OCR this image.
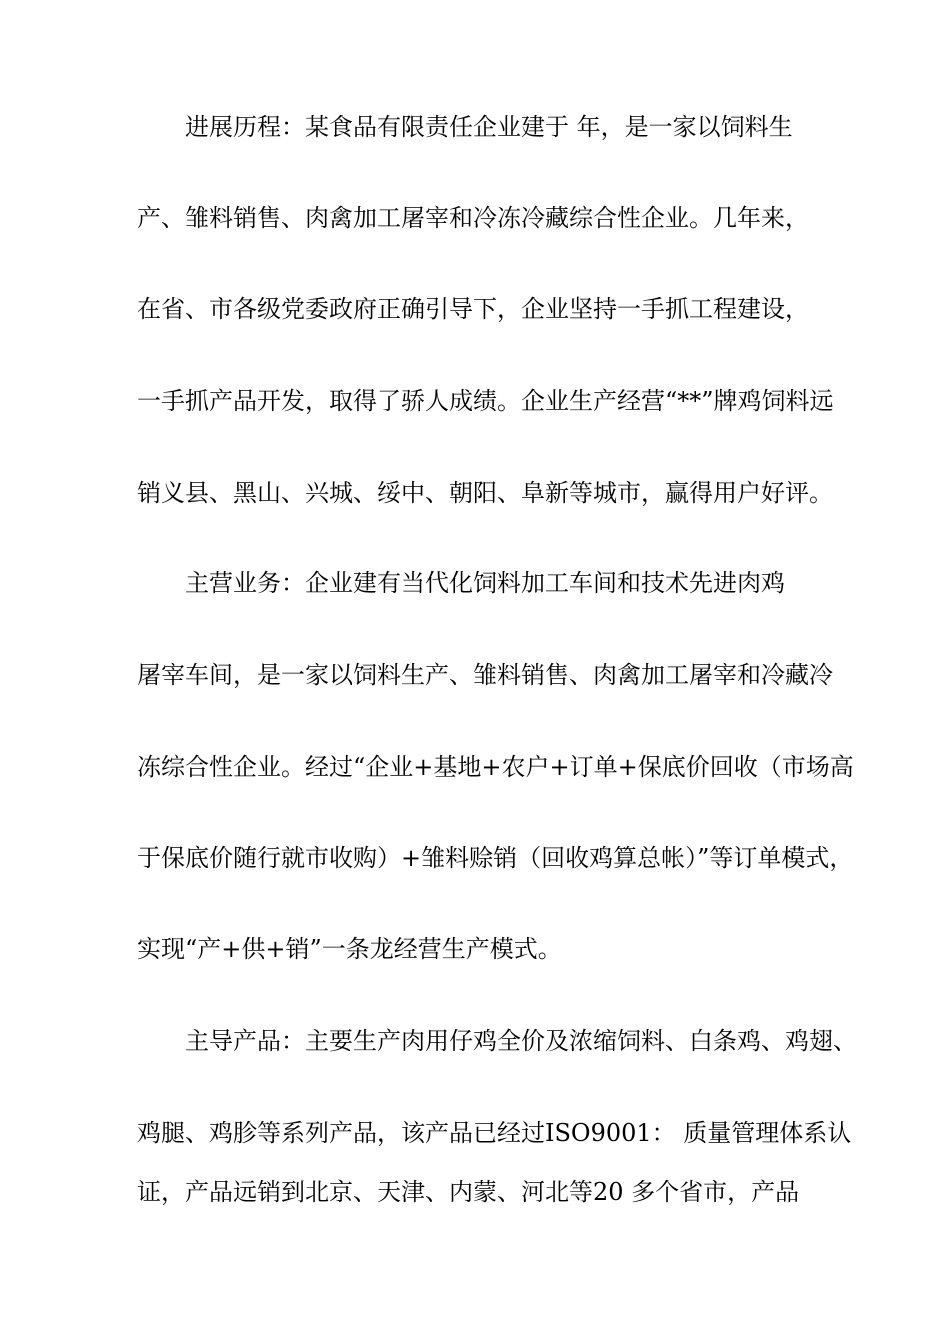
进展历程：某食品有限责任企业建于 年，是一家以饲料生
产、雏料销售、肉禽加工屠宰和冷冻冷藏综合性企业。几年来，
在省、市各级党委政府正确引导下，企业坚持一手抓工程建设，
一手抓产品开发，取得了骄人成绩。企业生产经营“**”牌鸡饲料远
销义县、黑山、兴城、绥中、朝阳、阜新等城市，赢得用户好评。
主营业务：企业建有当代化饲料加工车间和技术先进肉鸡
屠宰车间，是一家以饲料生产、雏料销售、肉禽加工屠宰和冷藏冷
冻综合性企业。经过“企业+基地+农户+订单+保底价回收（市场高
于保底价随行就市收购）+雏料赊销（回收鸡算总帐）”等订单模式，
实现“产+供+销”一条龙经营生产模式。
主导产品：主要生产肉用仔鸡全价及浓缩饲料、白条鸡、鸡翅、
鸡腿、鸡胗等系列产品，该产品已经过ISO9001： 质量管理体系认
证，产品远销到北京、天津、内蒙、河北等20 多个省市，产品
